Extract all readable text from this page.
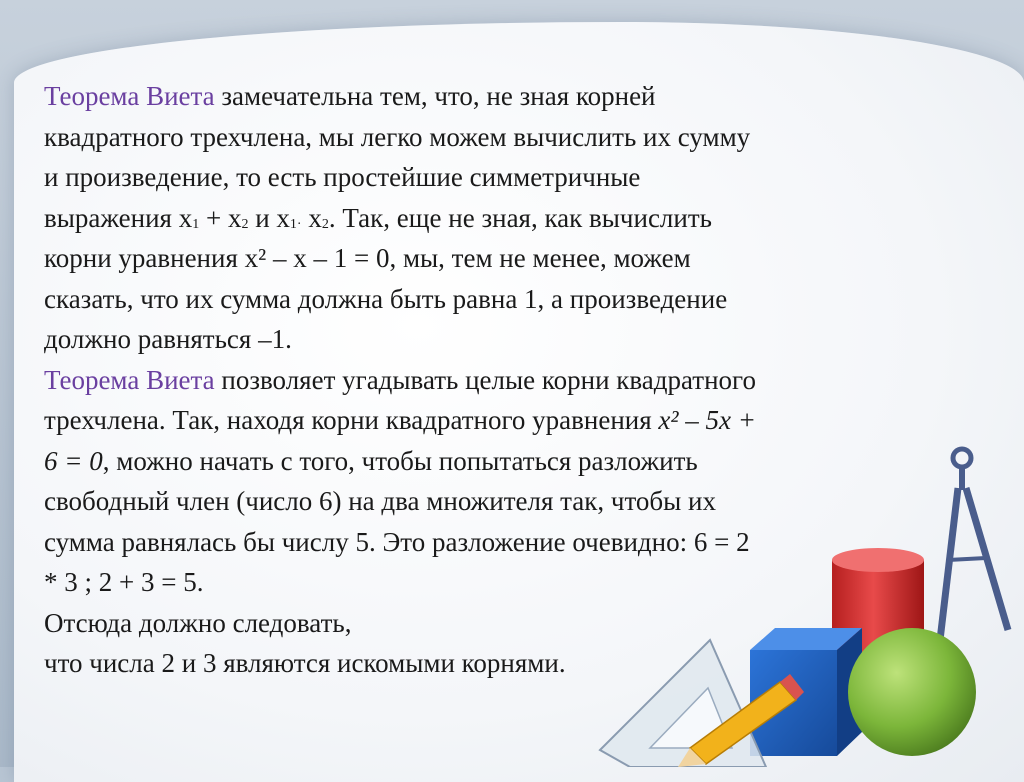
Теорема Виета замечательна тем, что, не зная корней
квадратного трехчлена, мы легко можем вычислить их сумму
и произведение, то есть простейшие симметричные
выражения $x_1 + x_2$ и $x_{1\cdot}$ $x_2$. Так, еще не зная, как вычислить
корни уравнения x² – x – 1 = 0, мы, тем не менее, можем
сказать, что их сумма должна быть равна 1, а произведение
должно равняться –1.
Теорема Виета позволяет угадывать целые корни квадратного
трехчлена. Так, находя корни квадратного уравнения x² – 5x +
6 = 0, можно начать с того, чтобы попытаться разложить
свободный член (число 6) на два множителя так, чтобы их
сумма равнялась бы числу 5. Это разложение очевидно: 6 = 2
* 3 ; 2 + 3 = 5.
Отсюда должно следовать,
что числа 2 и 3 являются искомыми корнями.
